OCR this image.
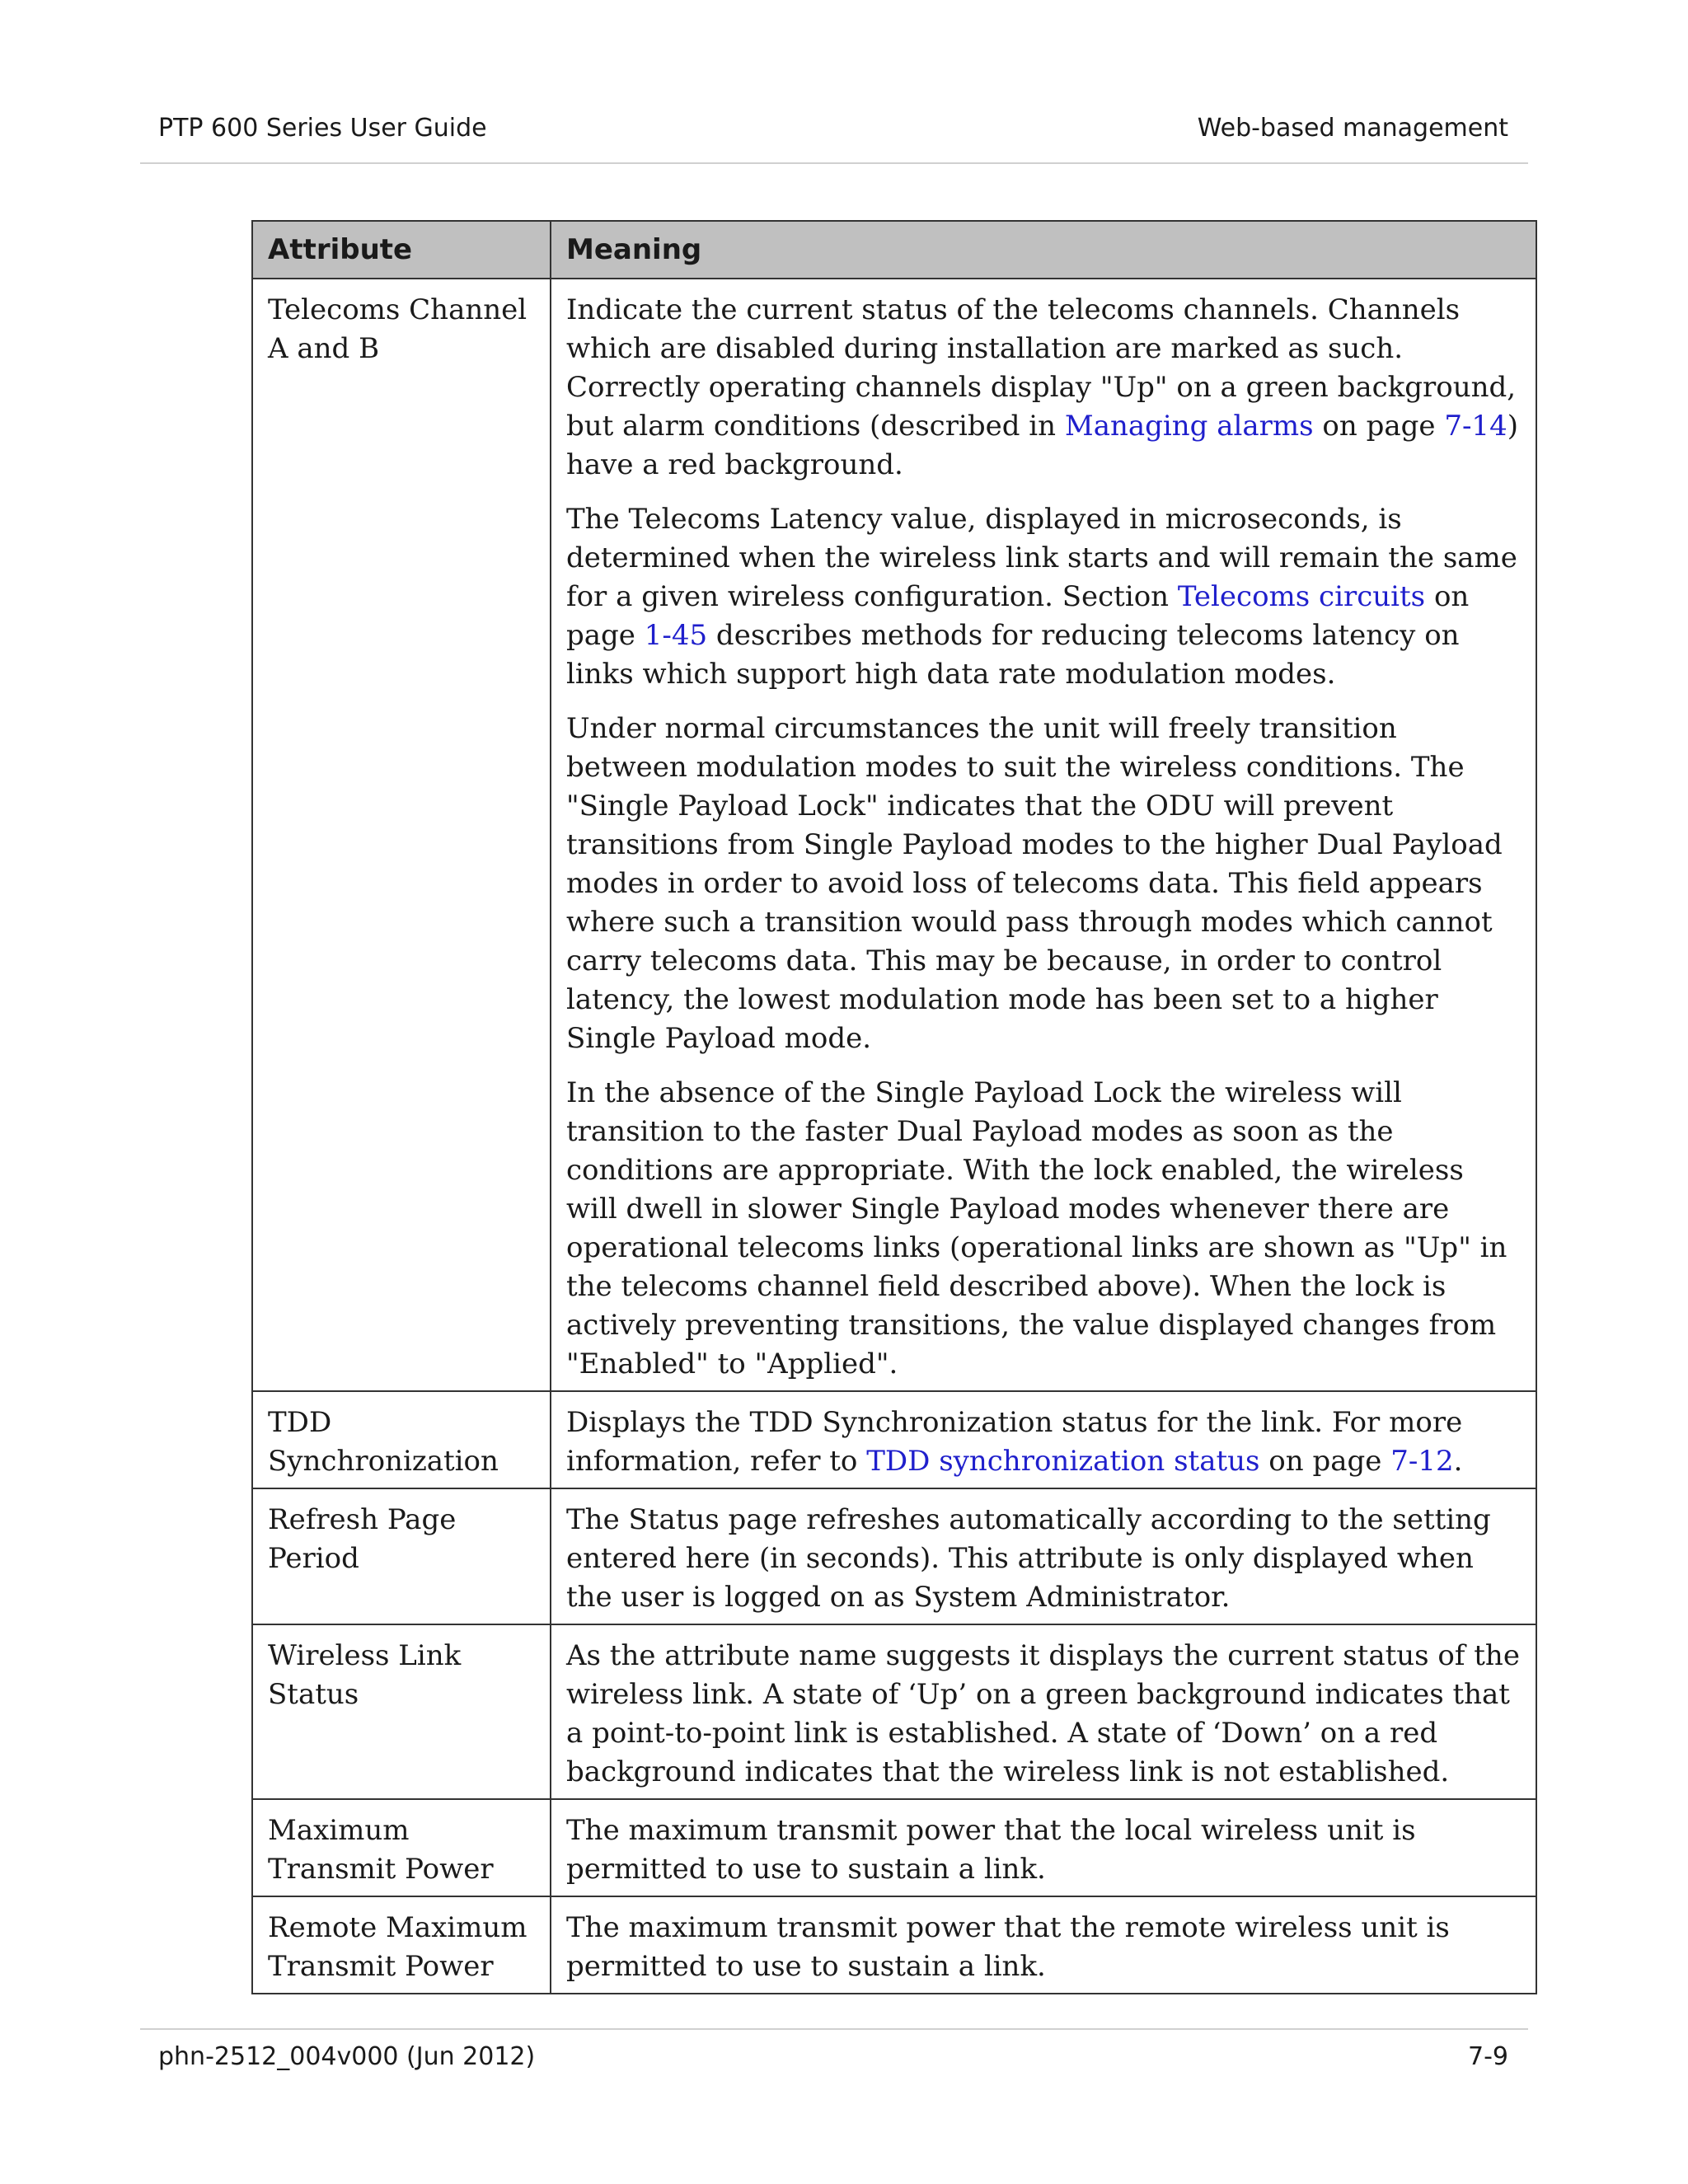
PTP 600 Series User Guide	Web-based management
Attribute	Meaning
Telecoms Channel A and B	Indicate the current status of the telecoms channels. Channels which are disabled during installation are marked as such. Correctly operating channels display "Up" on a green background, but alarm conditions (described in Managing alarms on page 7-14) have a red background.

The Telecoms Latency value, displayed in microseconds, is determined when the wireless link starts and will remain the same for a given wireless configuration. Section Telecoms circuits on page 1-45 describes methods for reducing telecoms latency on links which support high data rate modulation modes.

Under normal circumstances the unit will freely transition between modulation modes to suit the wireless conditions. The "Single Payload Lock" indicates that the ODU will prevent transitions from Single Payload modes to the higher Dual Payload modes in order to avoid loss of telecoms data. This field appears where such a transition would pass through modes which cannot carry telecoms data. This may be because, in order to control latency, the lowest modulation mode has been set to a higher Single Payload mode.

In the absence of the Single Payload Lock the wireless will transition to the faster Dual Payload modes as soon as the conditions are appropriate. With the lock enabled, the wireless will dwell in slower Single Payload modes whenever there are operational telecoms links (operational links are shown as "Up" in the telecoms channel field described above). When the lock is actively preventing transitions, the value displayed changes from "Enabled" to "Applied".

TDD Synchronization	Displays the TDD Synchronization status for the link. For more information, refer to TDD synchronization status on page 7-12.
Refresh Page Period	The Status page refreshes automatically according to the setting entered here (in seconds). This attribute is only displayed when the user is logged on as System Administrator.
Wireless Link Status	As the attribute name suggests it displays the current status of the wireless link. A state of ‘Up’ on a green background indicates that a point-to-point link is established. A state of ‘Down’ on a red background indicates that the wireless link is not established.
Maximum Transmit Power	The maximum transmit power that the local wireless unit is permitted to use to sustain a link.
Remote Maximum Transmit Power	The maximum transmit power that the remote wireless unit is permitted to use to sustain a link.
phn-2512_004v000 (Jun 2012)	7-9
